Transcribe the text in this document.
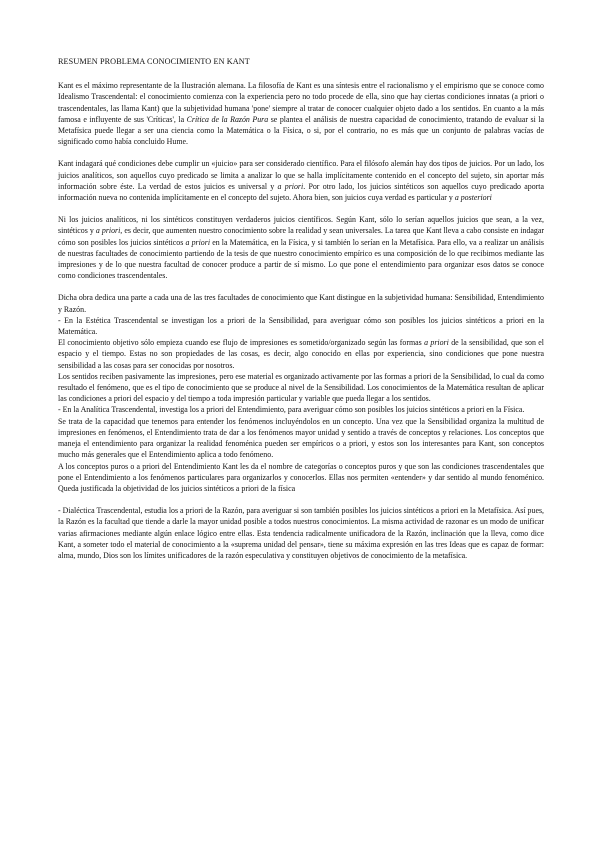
RESUMEN PROBLEMA CONOCIMIENTO EN KANT

Kant es el máximo representante de la Ilustración alemana. La filosofía de Kant es una síntesis entre el racionalismo y el empirismo que se conoce como Idealismo Trascendental: el conocimiento comienza con la experiencia pero no todo procede de ella, sino que hay ciertas condiciones innatas (a priori o trascendentales, las llama Kant) que la subjetividad humana 'pone' siempre al tratar de conocer cualquier objeto dado a los sentidos. En cuanto a la más famosa e influyente de sus 'Críticas', la Crítica de la Razón Pura se plantea el análisis de nuestra capacidad de conocimiento, tratando de evaluar si la Metafísica puede llegar a ser una ciencia como la Matemática o la Física, o si, por el contrario, no es más que un conjunto de palabras vacías de significado como había concluido Hume.

Kant indagará qué condiciones debe cumplir un «juicio» para ser considerado científico. Para el filósofo alemán hay dos tipos de juicios. Por un lado, los juicios analíticos, son aquellos cuyo predicado se limita a analizar lo que se halla implícitamente contenido en el concepto del sujeto, sin aportar más información sobre éste. La verdad de estos juicios es universal y a priori. Por otro lado, los juicios sintéticos son aquellos cuyo predicado aporta información nueva no contenida implícitamente en el concepto del sujeto. Ahora bien, son juicios cuya verdad es particular y a posteriori

Ni los juicios analíticos, ni los sintéticos constituyen verdaderos juicios científicos. Según Kant, sólo lo serían aquellos juicios que sean, a la vez, sintéticos y a priori, es decir, que aumenten nuestro conocimiento sobre la realidad y sean universales. La tarea que Kant lleva a cabo consiste en indagar cómo son posibles los juicios sintéticos a priori en la Matemática, en la Física, y si también lo serían en la Metafísica. Para ello, va a realizar un análisis de nuestras facultades de conocimiento partiendo de la tesis de que nuestro conocimiento empírico es una composición de lo que recibimos mediante las impresiones y de lo que nuestra facultad de conocer produce a partir de sí mismo. Lo que pone el entendimiento para organizar esos datos se conoce como condiciones trascendentales.

Dicha obra dedica una parte a cada una de las tres facultades de conocimiento que Kant distingue en la subjetividad humana: Sensibilidad, Entendimiento y Razón.

- En la Estética Trascendental se investigan los a priori de la Sensibilidad, para averiguar cómo son posibles los juicios sintéticos a priori en la Matemática.

El conocimiento objetivo sólo empieza cuando ese flujo de impresiones es sometido/organizado según las formas a priori de la sensibilidad, que son el espacio y el tiempo. Estas no son propiedades de las cosas, es decir, algo conocido en ellas por experiencia, sino condiciones que pone nuestra sensibilidad a las cosas para ser conocidas por nosotros.

Los sentidos reciben pasivamente las impresiones, pero ese material es organizado activamente por las formas a priori de la Sensibilidad, lo cual da como resultado el fenómeno, que es el tipo de conocimiento que se produce al nivel de la Sensibilidad. Los conocimientos de la Matemática resultan de aplicar las condiciones a priori del espacio y del tiempo a toda impresión particular y variable que pueda llegar a los sentidos.

- En la Analítica Trascendental, investiga los a priori del Entendimiento, para averiguar cómo son posibles los juicios sintéticos a priori en la Física.

Se trata de la capacidad que tenemos para entender los fenómenos incluyéndolos en un concepto. Una vez que la Sensibilidad organiza la multitud de impresiones en fenómenos, el Entendimiento trata de dar a los fenómenos mayor unidad y sentido a través de conceptos y relaciones. Los conceptos que maneja el entendimiento para organizar la realidad fenoménica pueden ser empíricos o a priori, y estos son los interesantes para Kant, son conceptos mucho más generales que el Entendimiento aplica a todo fenómeno.

A los conceptos puros o a priori del Entendimiento Kant les da el nombre de categorías o conceptos puros y que son las condiciones trascendentales que pone el Entendimiento a los fenómenos particulares para organizarlos y conocerlos. Ellas nos permiten «entender» y dar sentido al mundo fenoménico. Queda justificada la objetividad de los juicios sintéticos a priori de la física

- Dialéctica Trascendental, estudia los a priori de la Razón, para averiguar si son también posibles los juicios sintéticos a priori en la Metafísica. Así pues, la Razón es la facultad que tiende a darle la mayor unidad posible a todos nuestros conocimientos. La misma actividad de razonar es un modo de unificar varias afirmaciones mediante algún enlace lógico entre ellas. Esta tendencia radicalmente unificadora de la Razón, inclinación que la lleva, como dice Kant, a someter todo el material de conocimiento a la «suprema unidad del pensar», tiene su máxima expresión en las tres Ideas que es capaz de formar: alma, mundo, Dios son los límites unificadores de la razón especulativa y constituyen objetivos de conocimiento de la metafísica.
